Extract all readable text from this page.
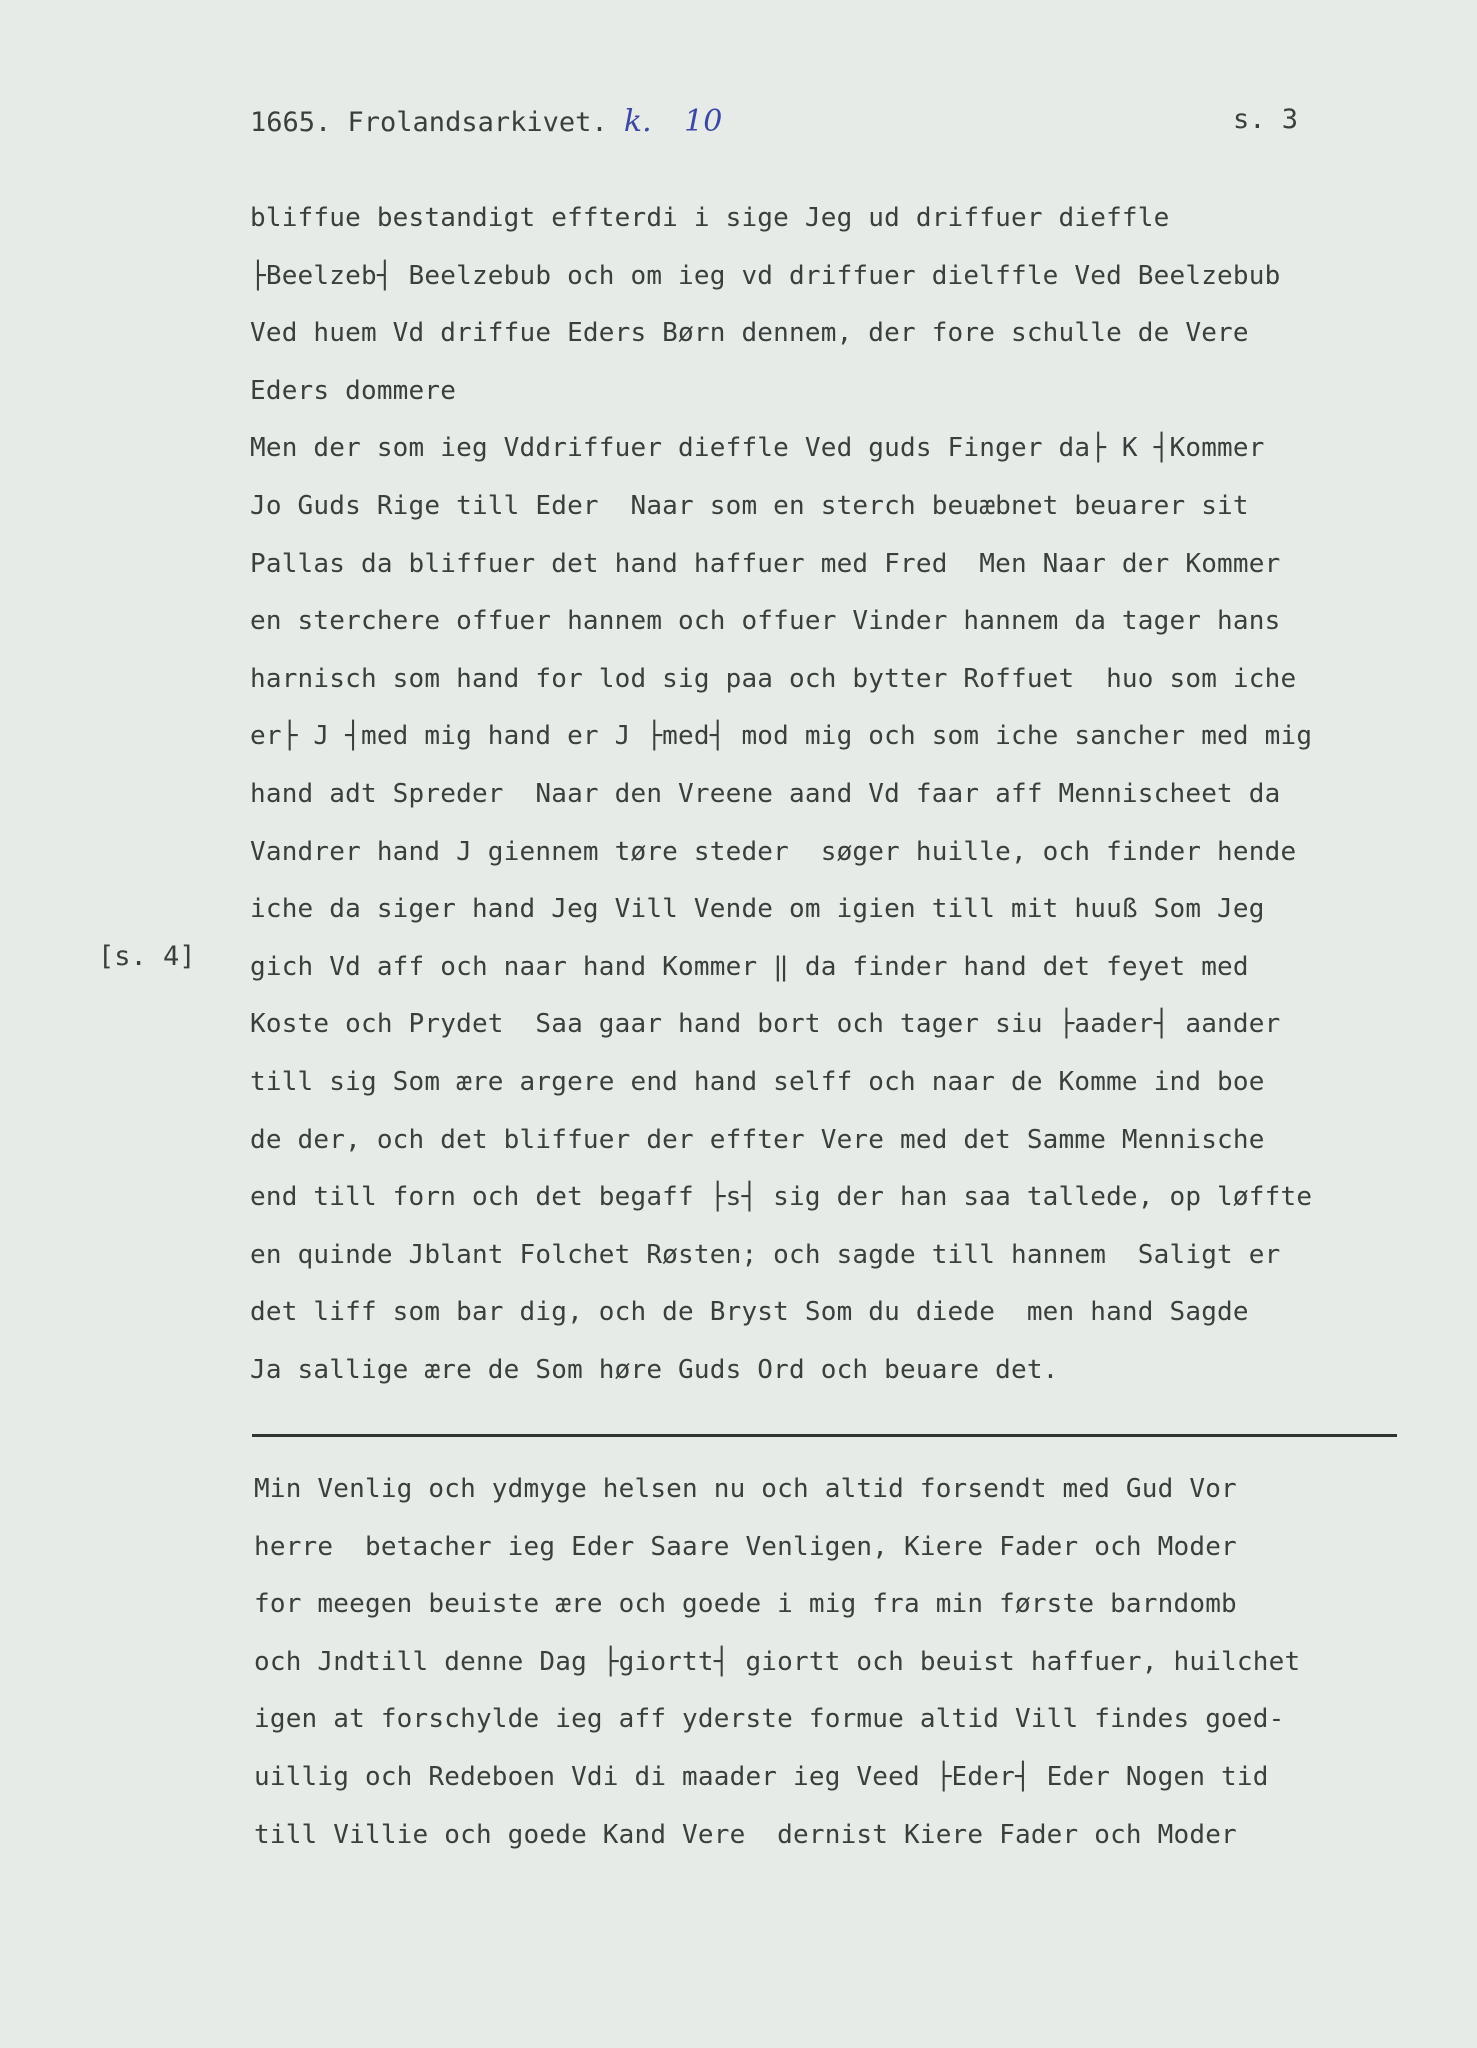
1665. Frolandsarkivet. k. 10	s. 3
[s. 4]
bliffue bestandigt effterdi i sige Jeg ud driffuer dieffle
├Beelzeb┤ Beelzebub och om ieg vd driffuer dielffle Ved Beelzebub
Ved huem Vd driffue Eders Børn dennem, der fore schulle de Vere
Eders dommere
Men der som ieg Vddriffuer dieffle Ved guds Finger da├ K ┤Kommer
Jo Guds Rige till Eder  Naar som en sterch beuæbnet beuarer sit
Pallas da bliffuer det hand haffuer med Fred  Men Naar der Kommer
en sterchere offuer hannem och offuer Vinder hannem da tager hans
harnisch som hand for lod sig paa och bytter Roffuet  huo som iche
er├ J ┤med mig hand er J ├med┤ mod mig och som iche sancher med mig
hand adt Spreder  Naar den Vreene aand Vd faar aff Mennischeet da
Vandrer hand J giennem tøre steder  søger huille, och finder hende
iche da siger hand Jeg Vill Vende om igien till mit huuß Som Jeg
gich Vd aff och naar hand Kommer ‖ da finder hand det feyet med
Koste och Prydet  Saa gaar hand bort och tager siu ├aader┤ aander
till sig Som ære argere end hand selff och naar de Komme ind boe
de der, och det bliffuer der effter Vere med det Samme Mennische
end till forn och det begaff ├s┤ sig der han saa tallede, op løffte
en quinde Jblant Folchet Røsten; och sagde till hannem  Saligt er
det liff som bar dig, och de Bryst Som du diede  men hand Sagde
Ja sallige ære de Som høre Guds Ord och beuare det.
Min Venlig och ydmyge helsen nu och altid forsendt med Gud Vor
herre  betacher ieg Eder Saare Venligen, Kiere Fader och Moder
for meegen beuiste ære och goede i mig fra min første barndomb
och Jndtill denne Dag ├giortt┤ giortt och beuist haffuer, huilchet
igen at forschylde ieg aff yderste formue altid Vill findes goed-
uillig och Redeboen Vdi di maader ieg Veed ├Eder┤ Eder Nogen tid
till Villie och goede Kand Vere  dernist Kiere Fader och Moder
